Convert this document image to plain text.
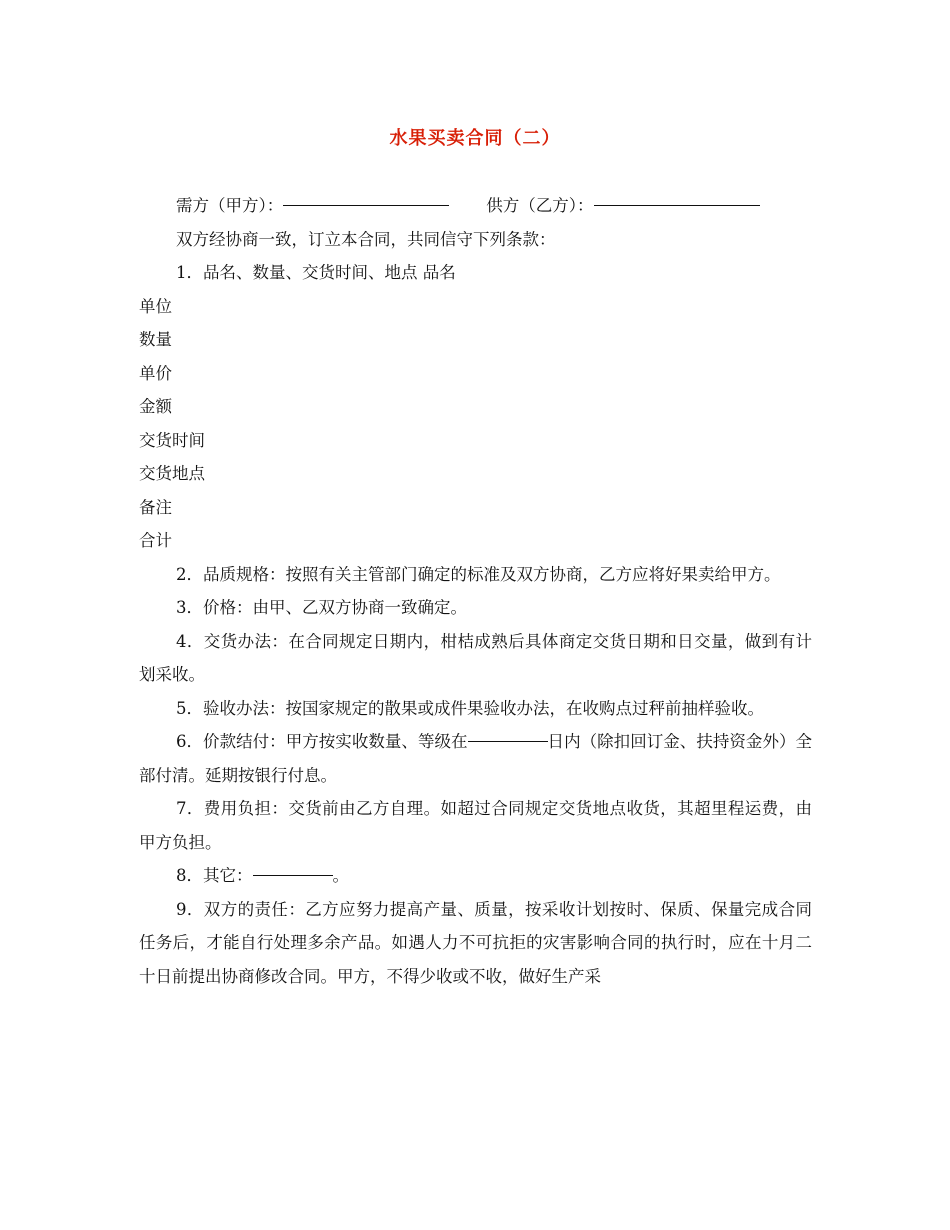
水果买卖合同（二）
需方（甲方）：	供方（乙方）：

双方经协商一致，订立本合同，共同信守下列条款：

1．品名、数量、交货时间、地点 品名

单位

数量

单价

金额

交货时间

交货地点

备注

合计

2．品质规格：按照有关主管部门确定的标准及双方协商，乙方应将好果卖给甲方。

3．价格：由甲、乙双方协商一致确定。

4．交货办法：在合同规定日期内，柑桔成熟后具体商定交货日期和日交量，做到有计划采收。

5．验收办法：按国家规定的散果或成件果验收办法，在收购点过秤前抽样验收。

6．价款结付：甲方按实收数量、等级在	日内（除扣回订金、扶持资金外）全部付清。延期按银行付息。

7．费用负担：交货前由乙方自理。如超过合同规定交货地点收货，其超里程运费，由甲方负担。

8．其它：	。

9．双方的责任：乙方应努力提高产量、质量，按采收计划按时、保质、保量完成合同任务后，才能自行处理多余产品。如遇人力不可抗拒的灾害影响合同的执行时，应在十月二十日前提出协商修改合同。甲方，不得少收或不收，做好生产采
